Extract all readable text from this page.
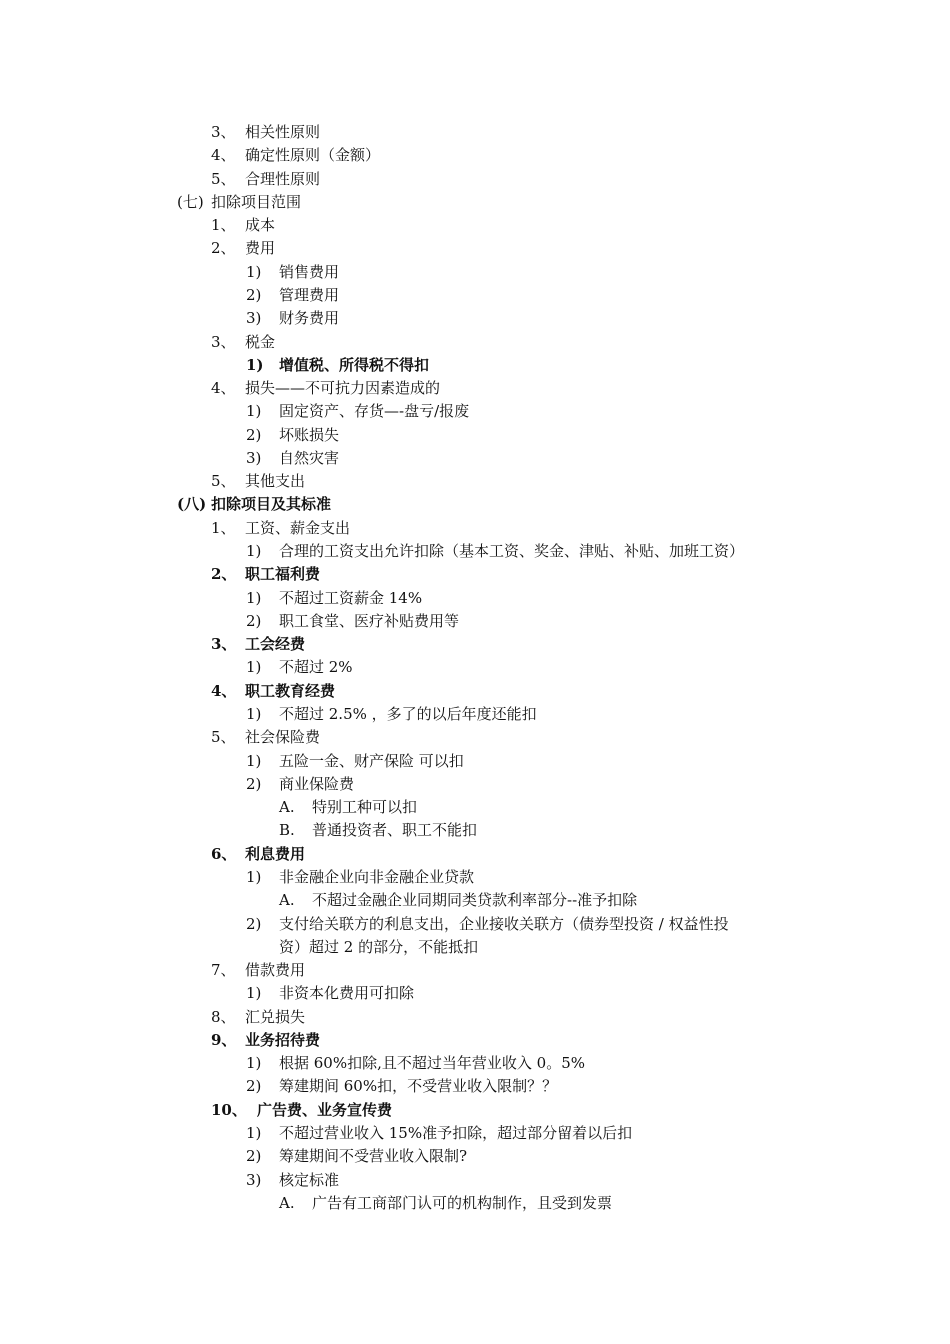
3、 相关性原则
4、 确定性原则（金额）
5、 合理性原则
(七) 扣除项目范围
1、 成本
2、 费用
1) 销售费用
2) 管理费用
3) 财务费用
3、 税金
1) 增值税、所得税不得扣
4、 损失——不可抗力因素造成的
1) 固定资产、存货—-盘亏/报废
2) 坏账损失
3) 自然灾害
5、 其他支出
(八) 扣除项目及其标准
1、 工资、薪金支出
1) 合理的工资支出允许扣除（基本工资、奖金、津贴、补贴、加班工资）
2、 职工福利费
1) 不超过工资薪金 14%
2) 职工食堂、医疗补贴费用等
3、 工会经费
1) 不超过 2%
4、 职工教育经费
1) 不超过 2.5% ，多了的以后年度还能扣
5、 社会保险费
1) 五险一金、财产保险 可以扣
2) 商业保险费
A. 特别工种可以扣
B. 普通投资者、职工不能扣
6、 利息费用
1) 非金融企业向非金融企业贷款
A. 不超过金融企业同期同类贷款利率部分--准予扣除
2) 支付给关联方的利息支出，企业接收关联方（债券型投资 / 权益性投
资）超过 2 的部分，不能抵扣
7、 借款费用
1) 非资本化费用可扣除
8、 汇兑损失
9、 业务招待费
1) 根据 60%扣除,且不超过当年营业收入 0。5%
2) 筹建期间 60%扣，不受营业收入限制？？
10、 广告费、业务宣传费
1) 不超过营业收入 15%准予扣除，超过部分留着以后扣
2) 筹建期间不受营业收入限制?
3) 核定标准
A. 广告有工商部门认可的机构制作，且受到发票
